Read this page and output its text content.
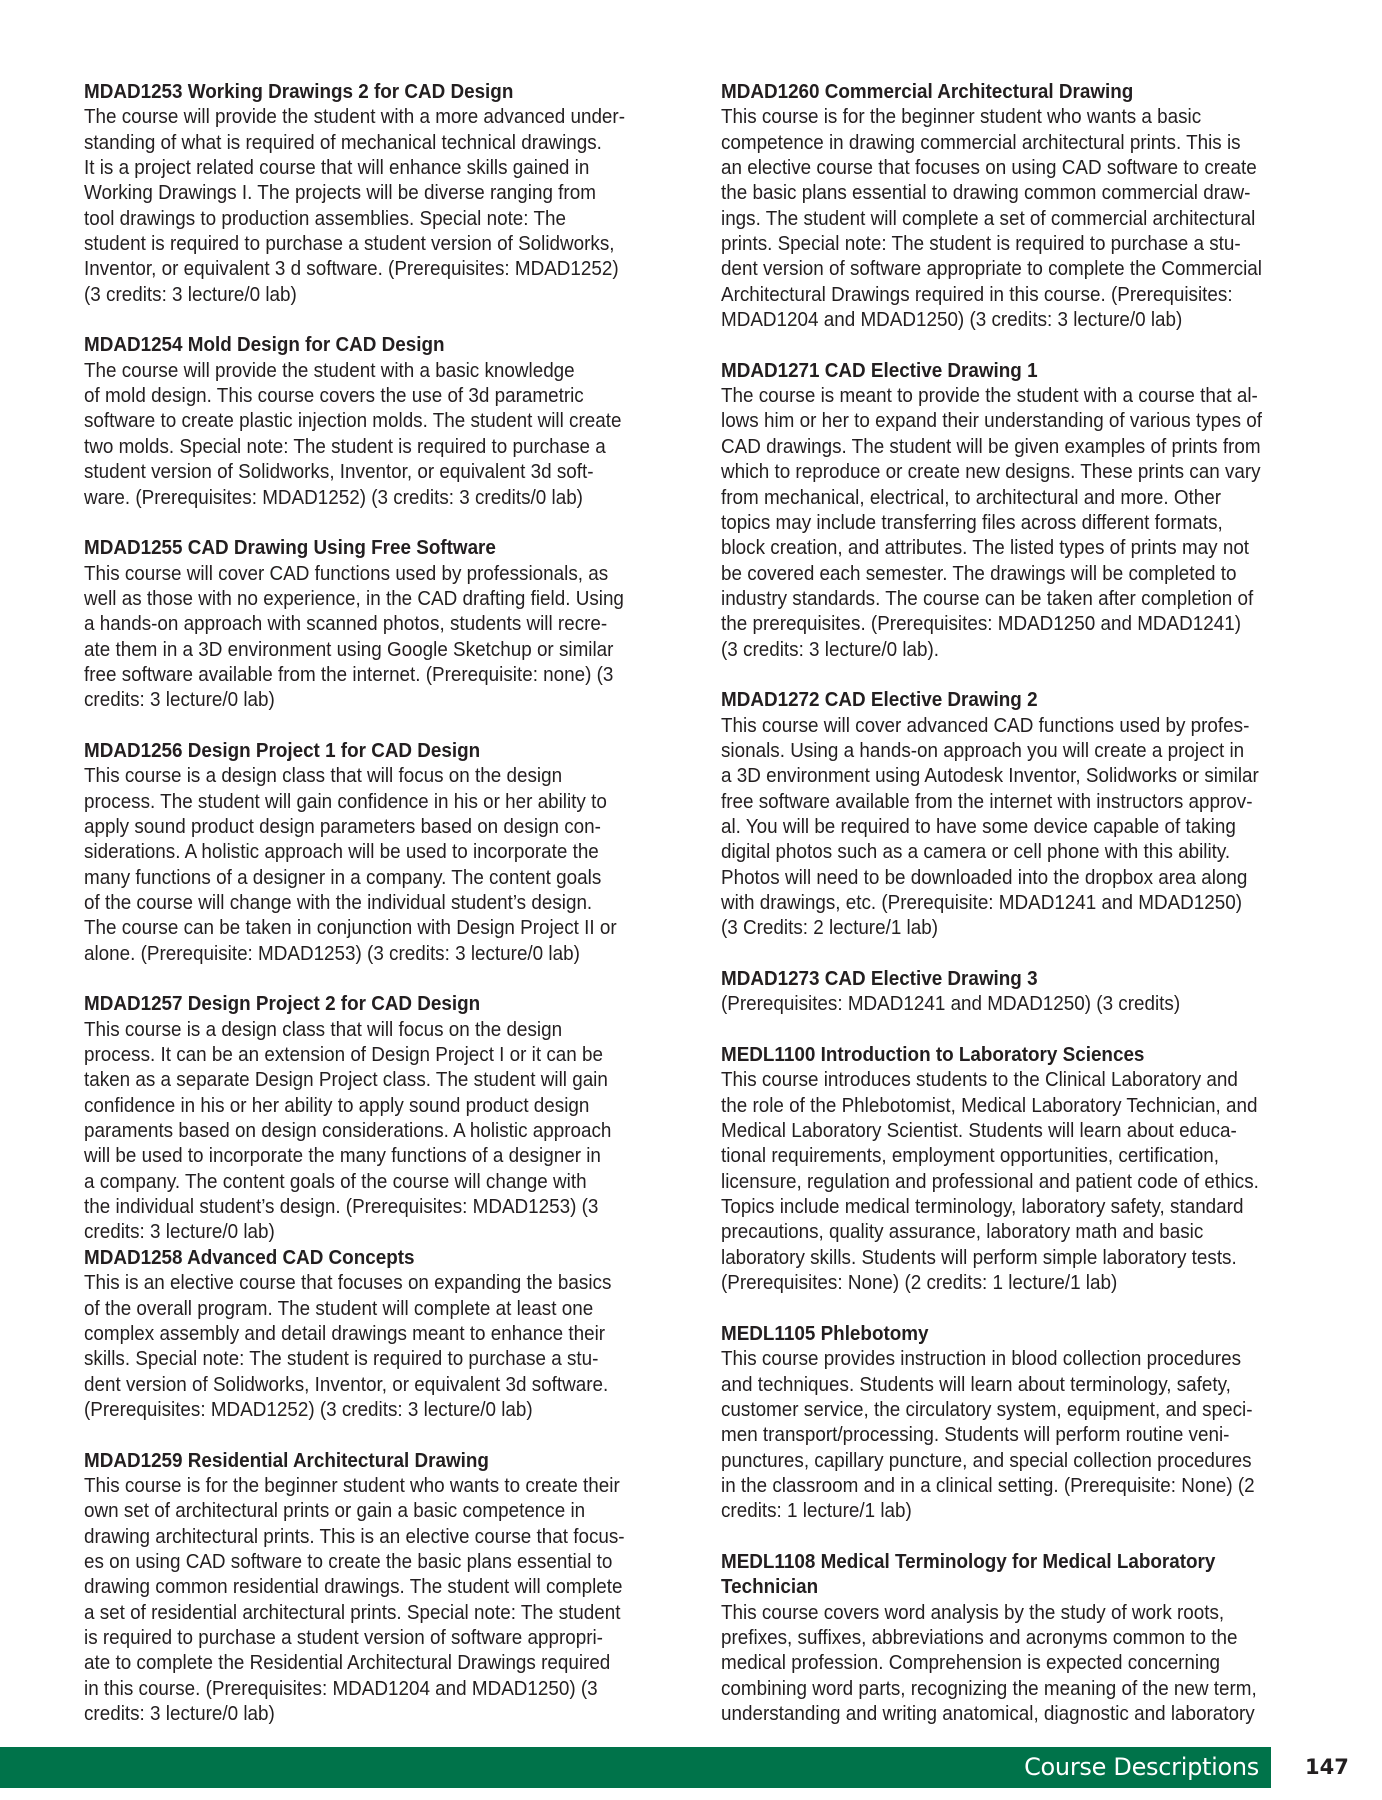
MDAD1253 Working Drawings 2 for CAD Design
The course will provide the student with a more advanced under-
standing of what is required of mechanical technical drawings.
It is a project related course that will enhance skills gained in
Working Drawings I. The projects will be diverse ranging from
tool drawings to production assemblies. Special note: The
student is required to purchase a student version of Solidworks,
Inventor, or equivalent 3 d software. (Prerequisites: MDAD1252)
(3 credits: 3 lecture/0 lab)
MDAD1254 Mold Design for CAD Design
The course will provide the student with a basic knowledge
of mold design. This course covers the use of 3d parametric
software to create plastic injection molds. The student will create
two molds. Special note: The student is required to purchase a
student version of Solidworks, Inventor, or equivalent 3d soft-
ware. (Prerequisites: MDAD1252) (3 credits: 3 credits/0 lab)
MDAD1255 CAD Drawing Using Free Software
This course will cover CAD functions used by professionals, as
well as those with no experience, in the CAD drafting field. Using
a hands-on approach with scanned photos, students will recre-
ate them in a 3D environment using Google Sketchup or similar
free software available from the internet. (Prerequisite: none) (3
credits: 3 lecture/0 lab)
MDAD1256 Design Project 1 for CAD Design
This course is a design class that will focus on the design
process. The student will gain confidence in his or her ability to
apply sound product design parameters based on design con-
siderations. A holistic approach will be used to incorporate the
many functions of a designer in a company. The content goals
of the course will change with the individual student’s design.
The course can be taken in conjunction with Design Project II or
alone. (Prerequisite: MDAD1253) (3 credits: 3 lecture/0 lab)
MDAD1257 Design Project 2 for CAD Design
This course is a design class that will focus on the design
process. It can be an extension of Design Project I or it can be
taken as a separate Design Project class. The student will gain
confidence in his or her ability to apply sound product design
paraments based on design considerations. A holistic approach
will be used to incorporate the many functions of a designer in
a company. The content goals of the course will change with
the individual student’s design. (Prerequisites: MDAD1253) (3
credits: 3 lecture/0 lab)
MDAD1258 Advanced CAD Concepts
This is an elective course that focuses on expanding the basics
of the overall program. The student will complete at least one
complex assembly and detail drawings meant to enhance their
skills. Special note: The student is required to purchase a stu-
dent version of Solidworks, Inventor, or equivalent 3d software.
(Prerequisites: MDAD1252) (3 credits: 3 lecture/0 lab)
MDAD1259 Residential Architectural Drawing
This course is for the beginner student who wants to create their
own set of architectural prints or gain a basic competence in
drawing architectural prints. This is an elective course that focus-
es on using CAD software to create the basic plans essential to
drawing common residential drawings. The student will complete
a set of residential architectural prints. Special note: The student
is required to purchase a student version of software appropri-
ate to complete the Residential Architectural Drawings required
in this course. (Prerequisites: MDAD1204 and MDAD1250) (3
credits: 3 lecture/0 lab)
MDAD1260 Commercial Architectural Drawing
This course is for the beginner student who wants a basic
competence in drawing commercial architectural prints. This is
an elective course that focuses on using CAD software to create
the basic plans essential to drawing common commercial draw-
ings. The student will complete a set of commercial architectural
prints. Special note: The student is required to purchase a stu-
dent version of software appropriate to complete the Commercial
Architectural Drawings required in this course. (Prerequisites:
MDAD1204 and MDAD1250) (3 credits: 3 lecture/0 lab)
MDAD1271 CAD Elective Drawing 1
The course is meant to provide the student with a course that al-
lows him or her to expand their understanding of various types of
CAD drawings. The student will be given examples of prints from
which to reproduce or create new designs. These prints can vary
from mechanical, electrical, to architectural and more. Other
topics may include transferring files across different formats,
block creation, and attributes. The listed types of prints may not
be covered each semester. The drawings will be completed to
industry standards. The course can be taken after completion of
the prerequisites. (Prerequisites: MDAD1250 and MDAD1241)
(3 credits: 3 lecture/0 lab).
MDAD1272 CAD Elective Drawing 2
This course will cover advanced CAD functions used by profes-
sionals. Using a hands-on approach you will create a project in
a 3D environment using Autodesk Inventor, Solidworks or similar
free software available from the internet with instructors approv-
al. You will be required to have some device capable of taking
digital photos such as a camera or cell phone with this ability.
Photos will need to be downloaded into the dropbox area along
with drawings, etc. (Prerequisite: MDAD1241 and MDAD1250)
(3 Credits: 2 lecture/1 lab)
MDAD1273 CAD Elective Drawing 3
(Prerequisites: MDAD1241 and MDAD1250) (3 credits)
MEDL1100 Introduction to Laboratory Sciences
This course introduces students to the Clinical Laboratory and
the role of the Phlebotomist, Medical Laboratory Technician, and
Medical Laboratory Scientist. Students will learn about educa-
tional requirements, employment opportunities, certification,
licensure, regulation and professional and patient code of ethics.
Topics include medical terminology, laboratory safety, standard
precautions, quality assurance, laboratory math and basic
laboratory skills. Students will perform simple laboratory tests.
(Prerequisites: None) (2 credits: 1 lecture/1 lab)
MEDL1105 Phlebotomy
This course provides instruction in blood collection procedures
and techniques. Students will learn about terminology, safety,
customer service, the circulatory system, equipment, and speci-
men transport/processing. Students will perform routine veni-
punctures, capillary puncture, and special collection procedures
in the classroom and in a clinical setting. (Prerequisite: None) (2
credits: 1 lecture/1 lab)
MEDL1108 Medical Terminology for Medical Laboratory
Technician
This course covers word analysis by the study of work roots,
prefixes, suffixes, abbreviations and acronyms common to the
medical profession. Comprehension is expected concerning
combining word parts, recognizing the meaning of the new term,
understanding and writing anatomical, diagnostic and laboratory
Course Descriptions 147
